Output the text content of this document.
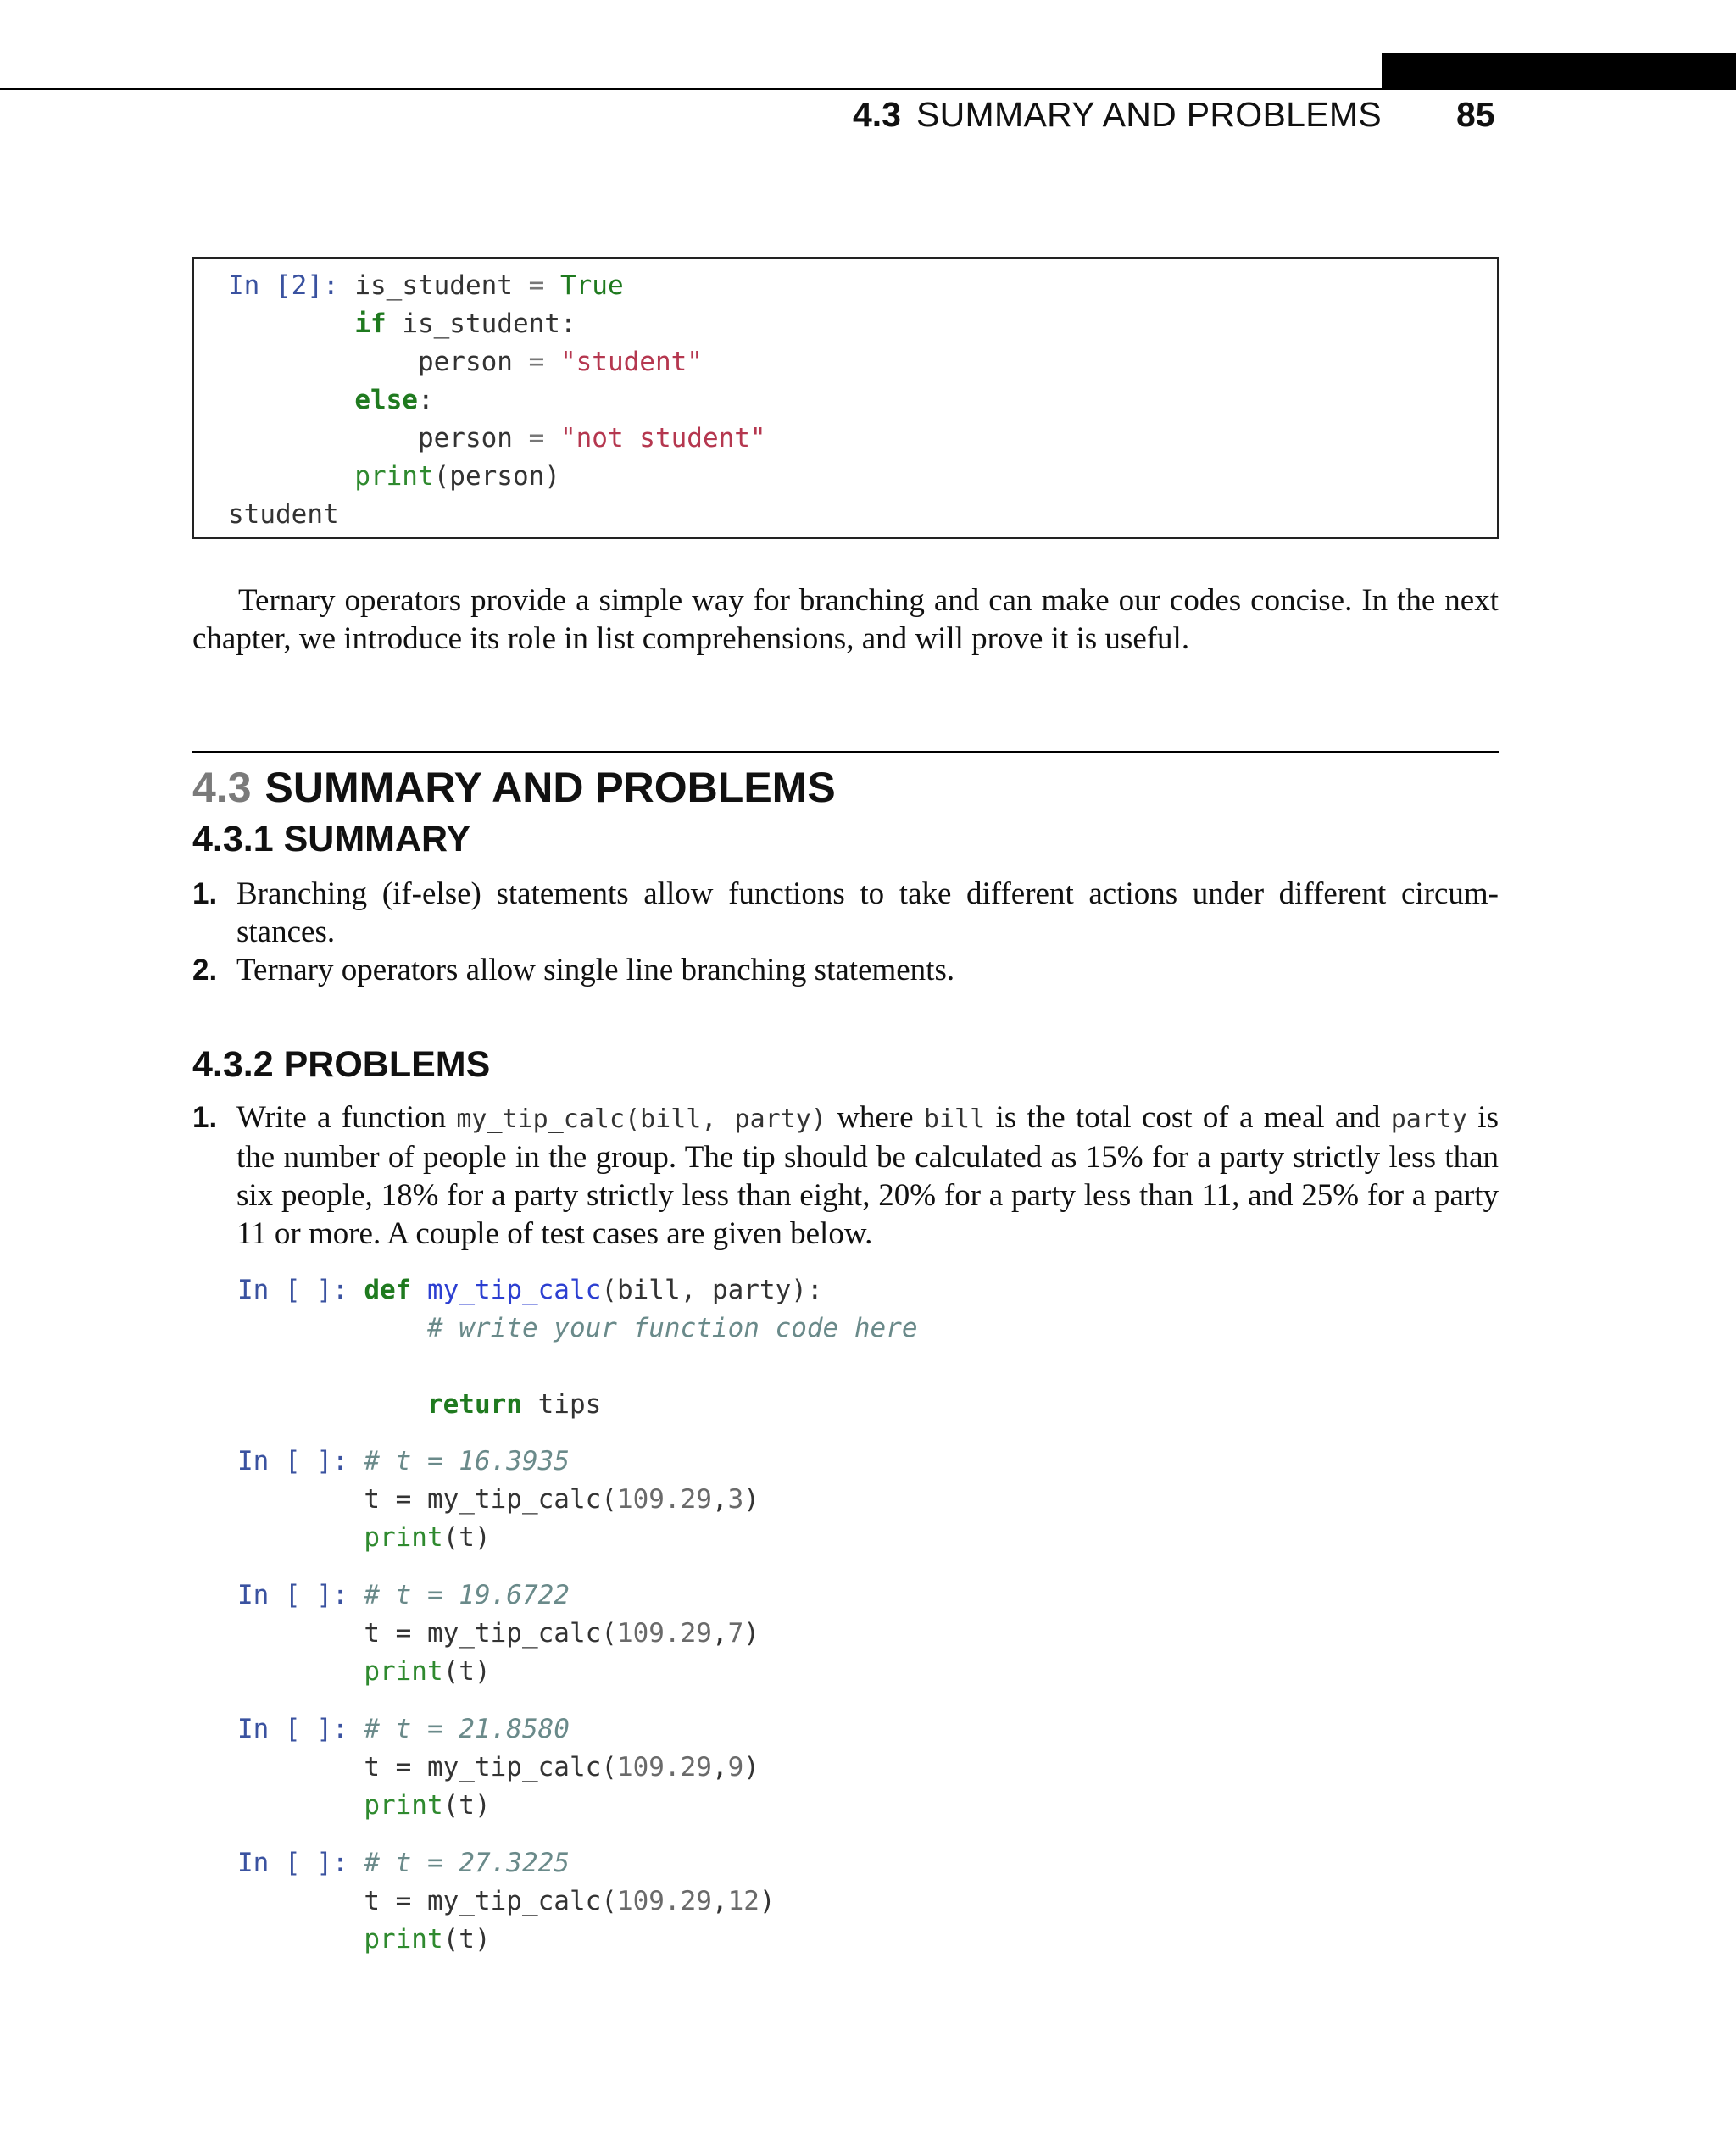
4.3 SUMMARY AND PROBLEMS 85
In [2]: is_student = True
if is_student:
person = "student"
else:
person = "not student"
print(person)
student
Ternary operators provide a simple way for branching and can make our codes concise. In the next chapter, we introduce its role in list comprehensions, and will prove it is useful.
4.3 SUMMARY AND PROBLEMS
4.3.1 SUMMARY
1. Branching (if-else) statements allow functions to take different actions under different circum-stances.
2. Ternary operators allow single line branching statements.
4.3.2 PROBLEMS
1. Write a function my_tip_calc(bill, party) where bill is the total cost of a meal and party is the number of people in the group. The tip should be calculated as 15% for a party strictly less than six people, 18% for a party strictly less than eight, 20% for a party less than 11, and 25% for a party 11 or more. A couple of test cases are given below.
In [ ]: def my_tip_calc(bill, party):
# write your function code here

return tips
In [ ]: # t = 16.3935
t = my_tip_calc(109.29,3)
print(t)
In [ ]: # t = 19.6722
t = my_tip_calc(109.29,7)
print(t)
In [ ]: # t = 21.8580
t = my_tip_calc(109.29,9)
print(t)
In [ ]: # t = 27.3225
t = my_tip_calc(109.29,12)
print(t)
